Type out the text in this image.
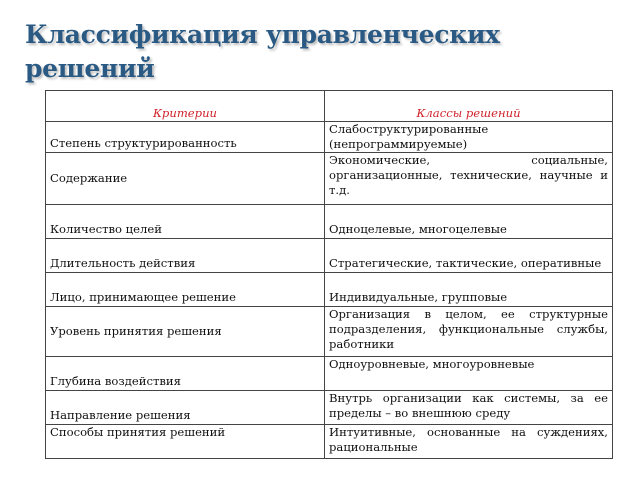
Классификация управленческих решений
Критерии	Классы решений
Степень структурированность	Слабоструктурированные (непрограммируемые)
Содержание	Экономические, социальные, организационные, технические, научные и т.д.
Количество целей	Одноцелевые, многоцелевые
Длительность действия	Стратегические, тактические, оперативные
Лицо, принимающее решение	Индивидуальные, групповые
Уровень принятия решения	Организация в целом, ее структурные подразделения, функциональные службы, работники
Глубина воздействия	Одноуровневые, многоуровневые
Направление решения	Внутрь организации как системы, за ее пределы – во внешнюю среду
Способы принятия решений	Интуитивные, основанные на суждениях, рациональные
